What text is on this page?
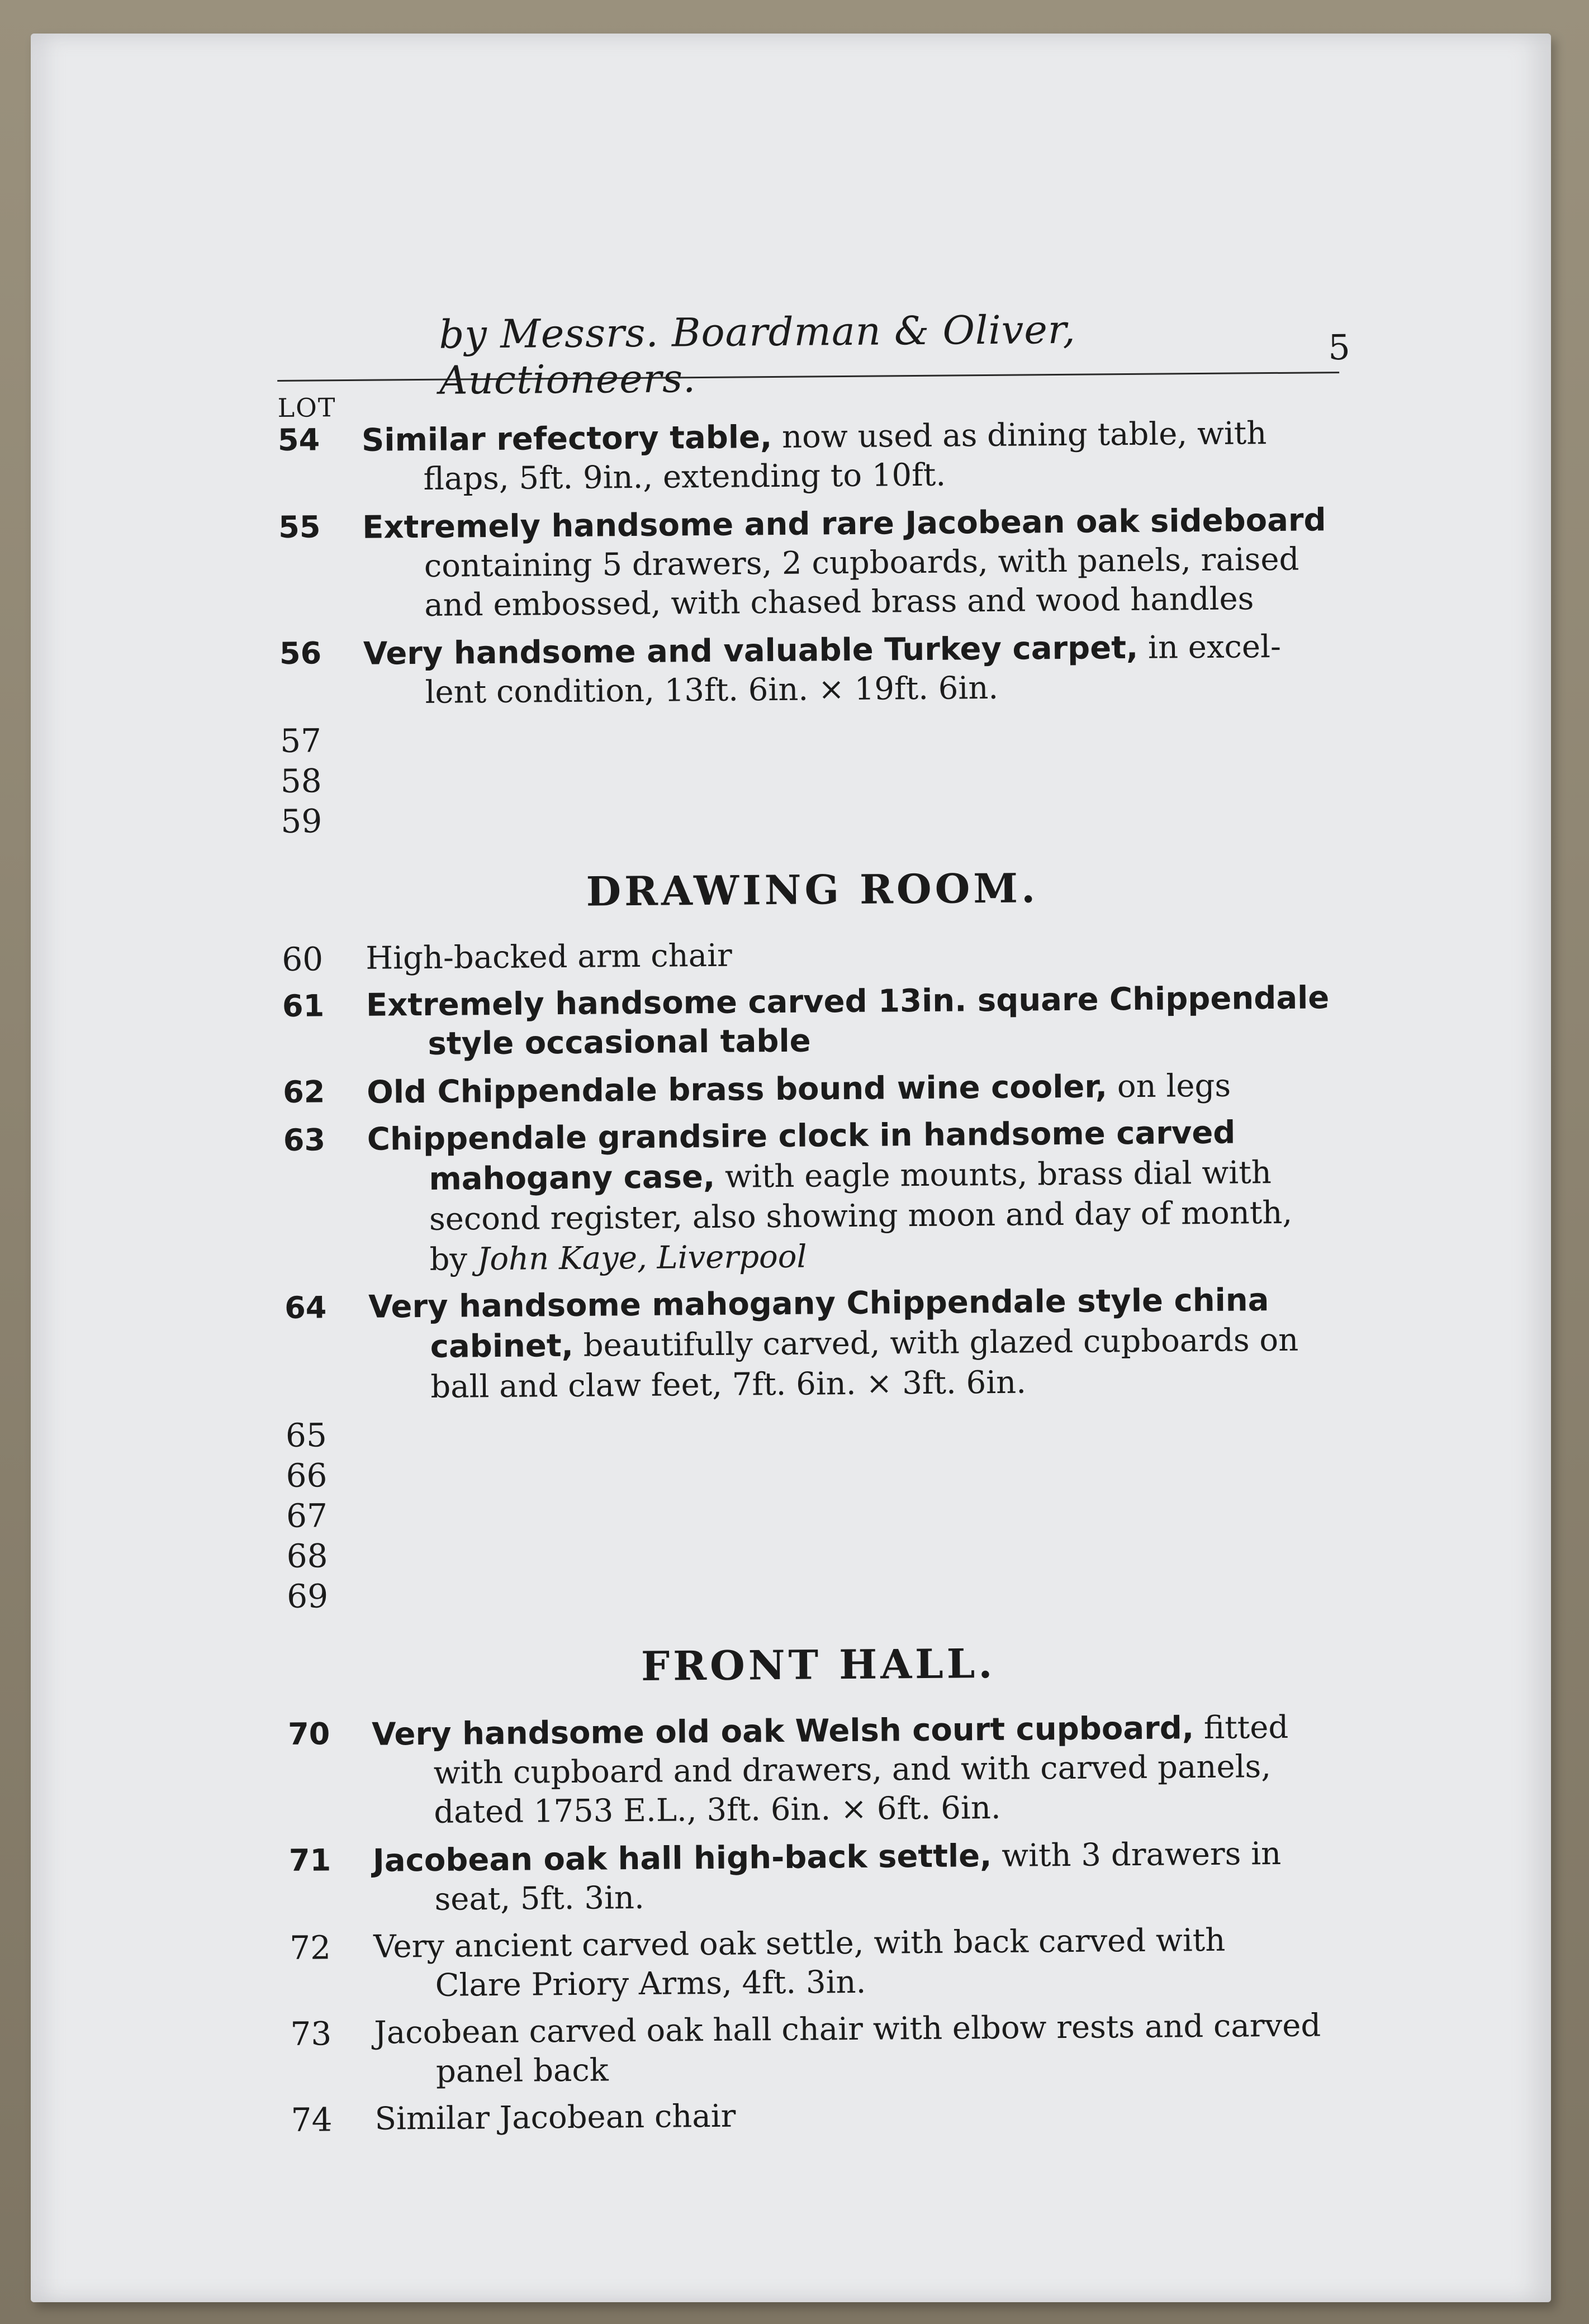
by Messrs. Boardman & Oliver, Auctioneers.
5
LOT
54	Similar refectory table, now used as dining table, with
flaps, 5ft. 9in., extending to 10ft.
55	Extremely handsome and rare Jacobean oak sideboard
containing 5 drawers, 2 cupboards, with panels, raised and embossed, with chased brass and wood handles
56	Very handsome and valuable Turkey carpet, in excel-
lent condition, 13ft. 6in. × 19ft. 6in.
57
58
59
DRAWING ROOM.
60	High-backed arm chair
61	Extremely handsome carved 13in. square Chippendale
style occasional table
62	Old Chippendale brass bound wine cooler, on legs
63	Chippendale grandsire clock in handsome carved
mahogany case, with eagle mounts, brass dial with second register, also showing moon and day of month,
by John Kaye, Liverpool
64	Very handsome mahogany Chippendale style china
cabinet, beautifully carved, with glazed cupboards on ball and claw feet, 7ft. 6in. × 3ft. 6in.
65
66
67
68
69
FRONT HALL.
70	Very handsome old oak Welsh court cupboard, fitted
with cupboard and drawers, and with carved panels, dated 1753 E.L., 3ft. 6in. × 6ft. 6in.
71	Jacobean oak hall high-back settle, with 3 drawers in
seat, 5ft. 3in.
72	Very ancient carved oak settle, with back carved with
Clare Priory Arms, 4ft. 3in.
73	Jacobean carved oak hall chair with elbow rests and carved
panel back
74	Similar Jacobean chair
